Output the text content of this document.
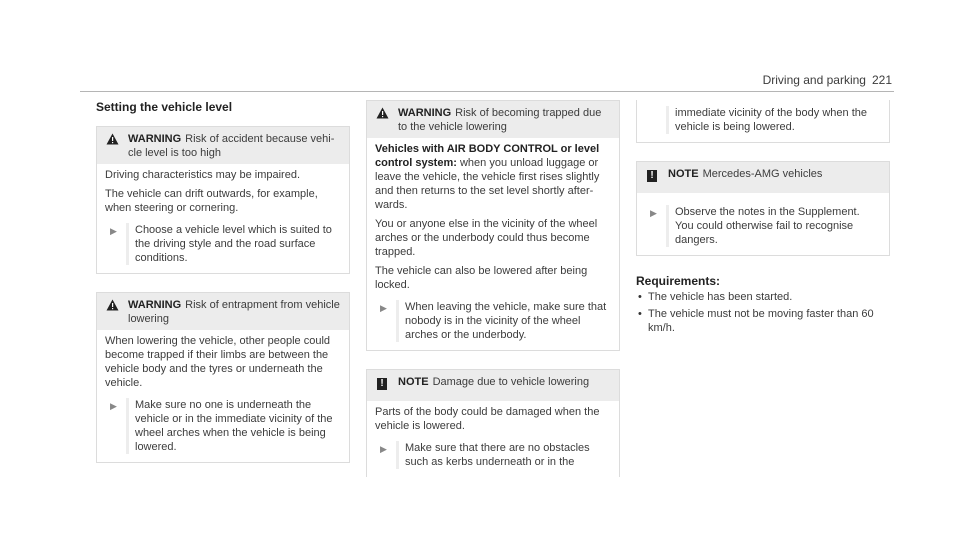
Driving and parking 221
Setting the vehicle level
WARNING Risk of accident because vehicle level is too high

Driving characteristics may be impaired.

The vehicle can drift outwards, for example, when steering or cornering.

▶	Choose a vehicle level which is suited to the driving style and the road surface conditions.
WARNING Risk of entrapment from vehicle lowering

When lowering the vehicle, other people could become trapped if their limbs are between the vehicle body and the tyres or underneath the vehicle.

▶	Make sure no one is underneath the vehicle or in the immediate vicinity of the wheel arches when the vehicle is being lowered.
WARNING Risk of becoming trapped due to the vehicle lowering

Vehicles with AIR BODY CONTROL or level control system: when you unload luggage or leave the vehicle, the vehicle first rises slightly and then returns to the set level shortly afterwards.

You or anyone else in the vicinity of the wheel arches or the underbody could thus become trapped.

The vehicle can also be lowered after being locked.

▶	When leaving the vehicle, make sure that nobody is in the vicinity of the wheel arches or the underbody.
!	NOTE Damage due to vehicle lowering

Parts of the body could be damaged when the vehicle is lowered.

▶	Make sure that there are no obstacles such as kerbs underneath or in the
immediate vicinity of the body when the vehicle is being lowered.
!	NOTE Mercedes-AMG vehicles
▶	Observe the notes in the Supplement. You could otherwise fail to recognise dangers.
Requirements:
• The vehicle has been started.
• The vehicle must not be moving faster than 60 km/h.
